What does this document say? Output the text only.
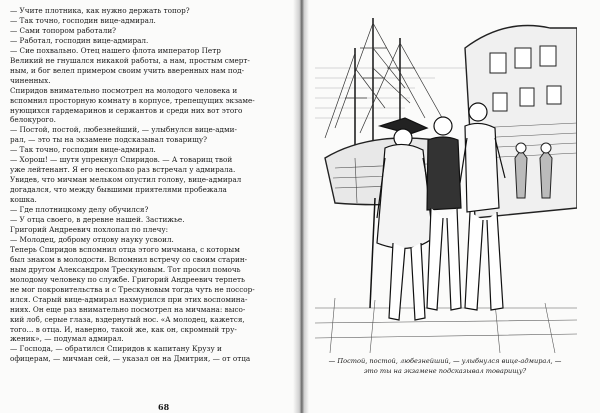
— Учите плотника, как нужно держать топор?

— Так точно, господин вице-адмирал.

— Сами топором работали?

— Работал, господин вице-адмирал.

— Сие похвально. Отец нашего флота император Петр

Великий не гнушался никакой работы, а нам, простым смерт-

ным, и бог велел примером своим учить вверенных нам под-

чиненных.

Спиридов внимательно посмотрел на молодого человека и

вспомнил просторную комнату в корпусе, трепещущих экзаме-

нующихся гардемаринов и сержантов и среди них вот этого

белокурого.

— Постой, постой, любезнейший, — улыбнулся вице-адми-

рал, — это ты на экзамене подсказывал товарищу?

— Так точно, господин вице-адмирал.

— Хорош! — шутя упрекнул Спиридов. — А товарищ твой

уже лейтенант. Я его несколько раз встречал у адмирала.

Увидев, что мичман мельком опустил голову, вице-адмирал

догадался, что между бывшими приятелями пробежала

кошка.

— Где плотницкому делу обучился?

— У отца своего, в деревне нашей. Застижье.

Григорий Андреевич похлопал по плечу:

— Молодец, доброму отцову науку усвоил.

Теперь Спиридов вспомнил отца этого мичмана, с которым

был знаком в молодости. Вспомнил встречу со своим старин-

ным другом Александром Трескуновым. Тот просил помочь

молодому человеку по службе. Григорий Андреевич терпеть

не мог покровительства и с Трескуновым тогда чуть не поссор-

ился. Старый вице-адмирал нахмурился при этих воспомина-

ниях. Он еще раз внимательно посмотрел на мичмана: высо-

кий лоб, серые глаза, вздернутый нос. «А молодец, кажется,

того... в отца. И, наверно, такой же, как он, скромный тру-

женик», — подумал адмирал.

— Господа, — обратился Спиридов к капитану Крузу и

офицерам, — мичман сей, — указал он на Дмитрия, — от отца

68
— Постой, постой, любезнейший, — улыбнулся вице-адмирал, —
это ты на экзамене подсказывал товарищу?
